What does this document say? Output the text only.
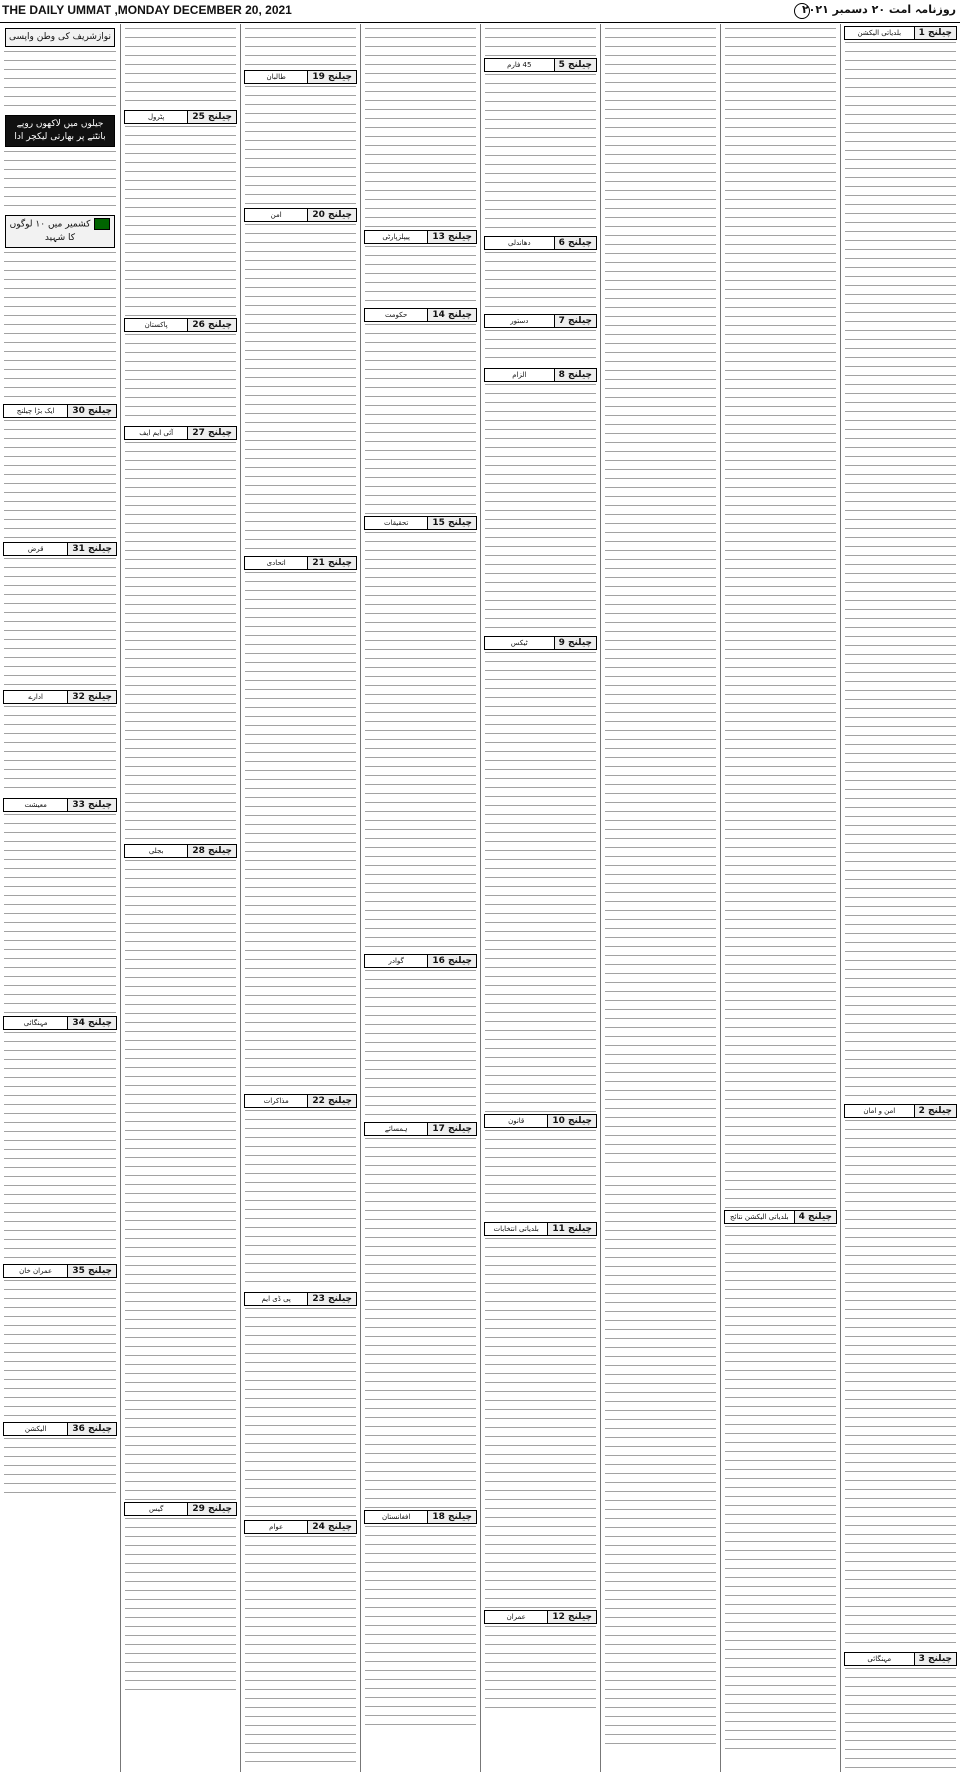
THE DAILY UMMAT ,MONDAY DECEMBER 20, 2021	روزنامہ امت ۲۰ دسمبر ۲۰۲۱
چیلنج 1
بلدیاتی الیکشن
چیلنج 2
امن و امان
چیلنج 3
مہنگائی
چیلنج 4
بلدیاتی الیکشن نتائج
چیلنج 5
45 فارم
چیلنج 6
دھاندلی
چیلنج 7
دستور
چیلنج 8
الزام
چیلنج 9
ٹیکس
چیلنج 10
قانون
چیلنج 11
بلدیاتی انتخابات
چیلنج 12
عمران
چیلنج 13
پیپلزپارٹی
چیلنج 14
حکومت
چیلنج 15
تحقیقات
چیلنج 16
گوادر
چیلنج 17
ہمسائے
چیلنج 18
افغانستان
چیلنج 19
طالبان
چیلنج 20
امن
چیلنج 21
اتحادی
چیلنج 22
مذاکرات
چیلنج 23
پی ڈی ایم
چیلنج 24
عوام
چیلنج 25
پٹرول
چیلنج 26
پاکستان
چیلنج 27
آئی ایم ایف
چیلنج 28
بجلی
چیلنج 29
گیس
نوازشریف کی وطن واپسی
جیلوں میں لاکھوں روپے بانٹنے پر بھارتی لیکچر ادا
کشمیر میں ۱۰ لوگوں کا شہید
چیلنج 30
ایک بڑا چیلنج
چیلنج 31
قرض
چیلنج 32
ادارے
چیلنج 33
معیشت
چیلنج 34
مہنگائی
چیلنج 35
عمران خان
چیلنج 36
الیکشن
